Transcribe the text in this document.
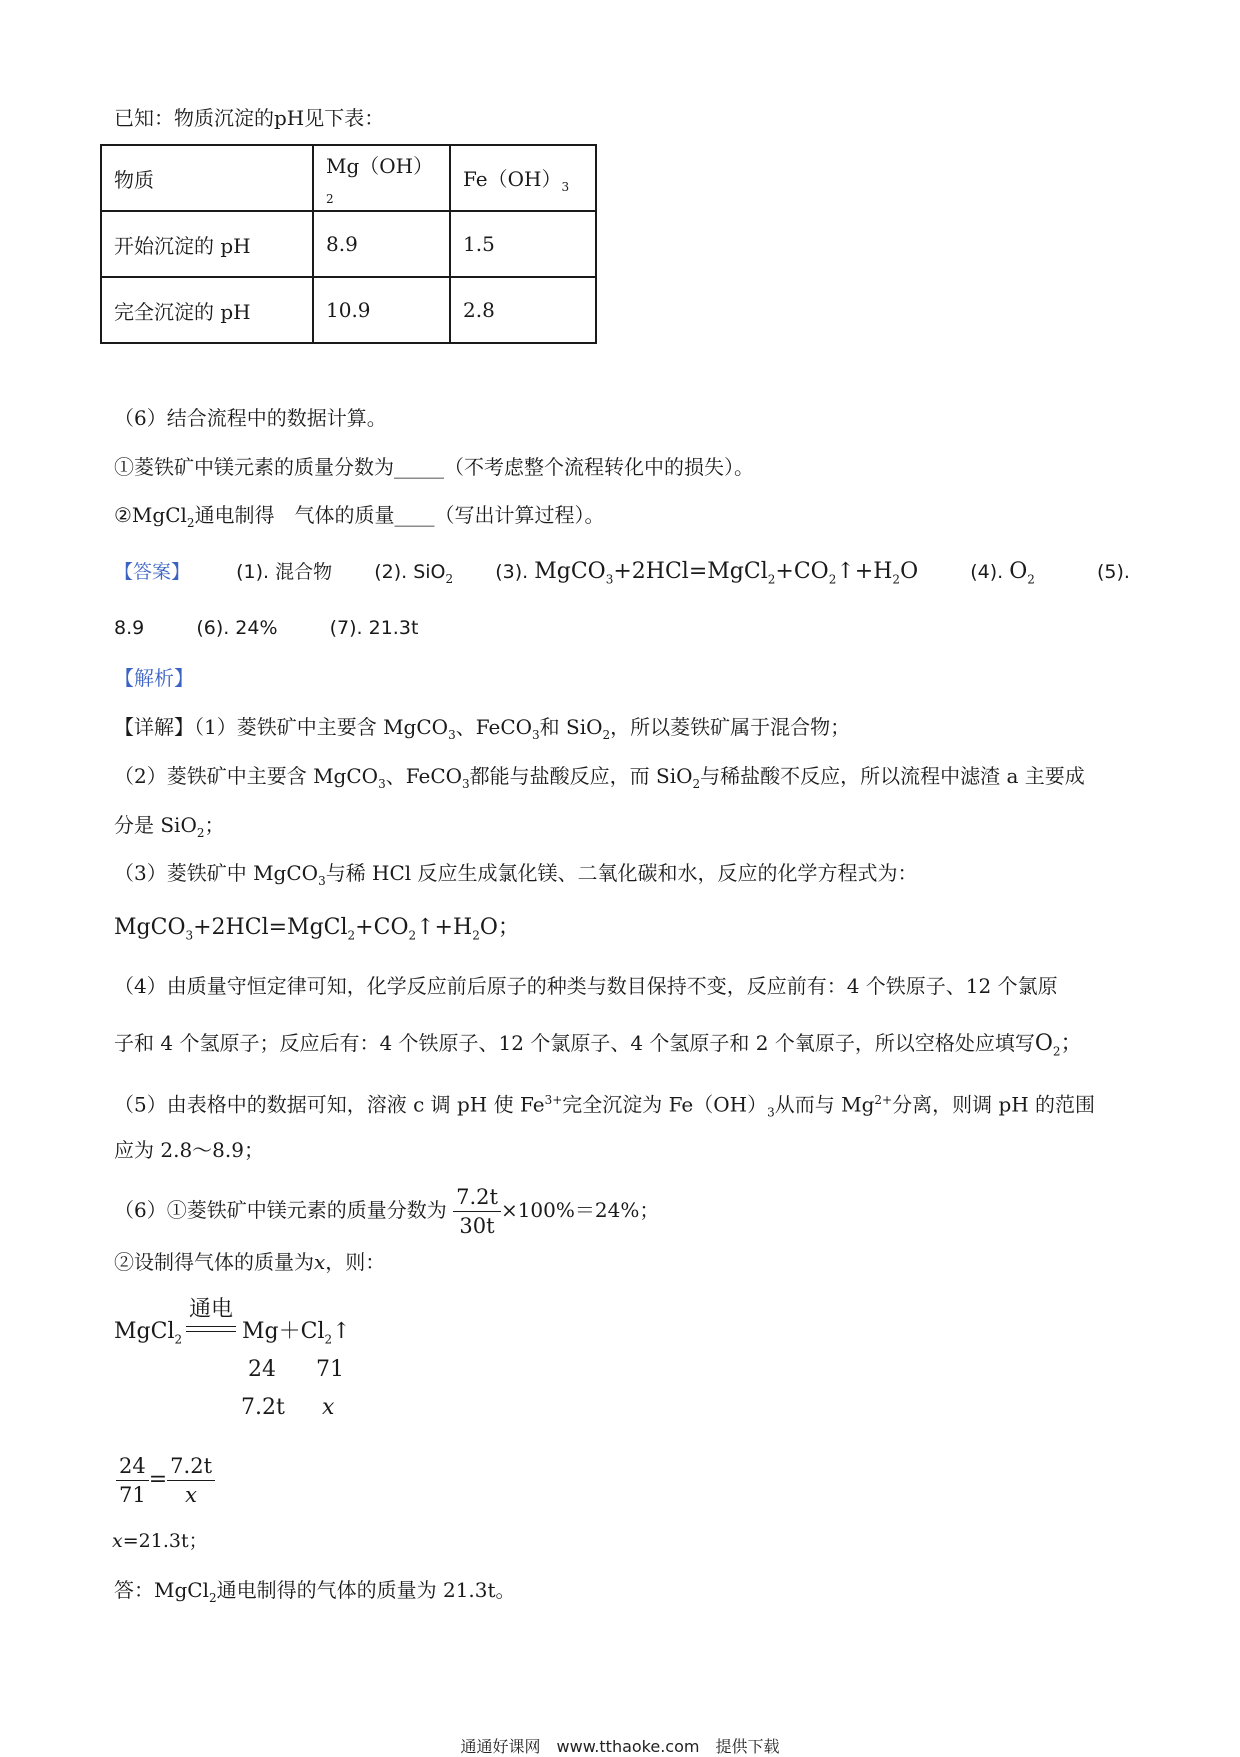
已知：物质沉淀的pH见下表：
物质	$Mg(OH)_2$	$Fe(OH)_3$
开始沉淀的 pH	8.9	1.5
完全沉淀的 pH	10.9	2.8
（6）结合流程中的数据计算。
①菱铁矿中镁元素的质量分数为_____（不考虑整个流程转化中的损失）。
②MgCl$_2$通电制得　气体的质量____（写出计算过程）。
【答案】 (1). 混合物 (2). SiO$_2$ (3). $MgCO_3+2HCl=MgCl_2+CO_2↑+H_2O$	(4). $O_2$	(5).
8.9	(6). 24%	(7). 21.3t
【解析】
【详解】（1）菱铁矿中主要含 MgCO$_3$、FeCO$_3$和 SiO$_2$，所以菱铁矿属于混合物；
（2）菱铁矿中主要含 MgCO$_3$、FeCO$_3$都能与盐酸反应，而 SiO$_2$与稀盐酸不反应，所以流程中滤渣 a 主要成
分是 SiO$_2$；
（3）菱铁矿中 MgCO$_3$与稀 HCl 反应生成氯化镁、二氧化碳和水，反应的化学方程式为：
$MgCO_3+2HCl=MgCl_2+CO_2↑+H_2O$；
（4）由质量守恒定律可知，化学反应前后原子的种类与数目保持不变，反应前有：4 个铁原子、12 个氯原
子和 4 个氢原子；反应后有：4 个铁原子、12 个氯原子、4 个氢原子和 2 个氧原子，所以空格处应填写$O_2$；
（5）由表格中的数据可知，溶液 c 调 pH 使 $Fe^{3+}$完全沉淀为 $Fe(OH)_3$从而与 $Mg^{2+}$分离，则调 pH 的范围
应为 2.8～8.9；
（6）①菱铁矿中镁元素的质量分数为 $\frac{7.2t}{30t} \times 100\%=24\%$；
②设制得气体的质量为x，则：
MgCl$_2$
通电
$Mg+Cl_2↑$
24 71
7.2t x
$\frac{24}{71} = \frac{7.2t}{x}$
x=21.3t；
答：MgCl$_2$通电制得的气体的质量为 21.3t。
通通好课网　www.tthaoke.com　提供下载
